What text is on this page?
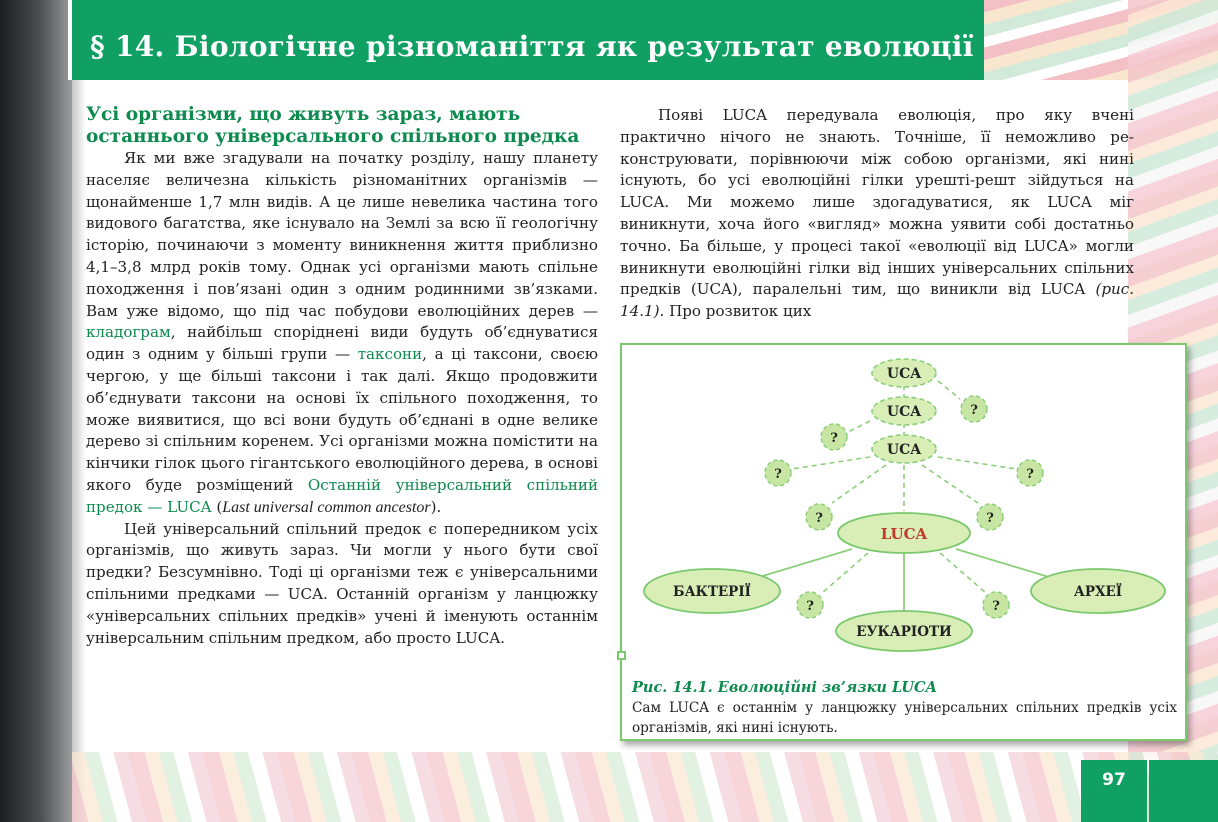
§ 14. Біологічне різноманіття як результат еволюції
Усі організми, що живуть зараз, мають останнього універсального спільного предка

Як ми вже згадували на початку розділу, нашу планету населяє величезна кількість різноманітних організмів — щонайменше 1,7 млн видів. А це лише невелика частина того видового багатства, яке існувало на Землі за всю її геологічну історію, починаючи з моменту виникнення життя приблизно 4,1–3,8 млрд років тому. Однак усі організми мають спільне походження і пов’язані один з одним родинними зв’язками. Вам уже відомо, що під час побудови еволюційних дерев — кладограм, найбільш споріднені види будуть об’єднуватися один з одним у більші групи — таксони, а ці таксони, своєю чергою, у ще більші таксони і так далі. Якщо продовжити об’єднувати таксони на основі їх спільного походження, то може виявитися, що всі вони будуть об’єднані в одне велике дерево зі спільним коренем. Усі організми можна помістити на кінчики гілок цього гігантського еволюційного дерева, в основі якого буде розміщений Останній універсальний спільний предок — LUCA (Last universal common ancestor).

Цей універсальний спільний предок є попередником усіх організмів, що живуть зараз. Чи могли у нього бути свої предки? Безсумнівно. Тоді ці організми теж є універсальними спільними предками — UCA. Останній організм у ланцюжку «універсальних спільних предків» учені й іменують останнім універсальним спільним предком, або просто LUCA.

Появі LUCA передувала еволюція, про яку вчені практично нічого не знають. Точніше, її неможливо реконструювати, порівнюючи між собою організми, які нині існують, бо усі еволюційні гілки урешті-решт зійдуться на LUCA. Ми можемо лише здогадуватися, як LUCA міг виникнути, хоча його «вигляд» можна уявити собі достатньо точно. Ба більше, у процесі такої «еволюції від LUCA» могли виникнути еволюційні гілки від інших універсальних спільних предків (UCA), паралельні тим, що виникли від LUCA (рис. 14.1). Про розвиток цих

UCA
UCA
UCA
?
?
?	?
?	?
?	?
LUCA
БАКТЕРІЇ	АРХЕЇ
ЕУКАРІОТИ
Рис. 14.1. Еволюційні зв’язки LUCA
Сам LUCA є останнім у ланцюжку універсальних спільних предків усіх організмів, які нині існують.
97
